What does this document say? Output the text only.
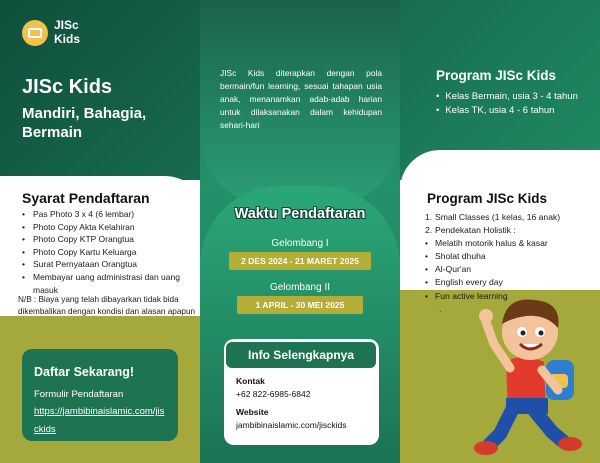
JISc
Kids
JISc Kids
Mandiri, Bahagia, Bermain
JISc Kids diterapkan dengan pola bermain/fun learning, sesuai tahapan usia anak, menanamkan adab-adab harian untuk dilaksanakan dalam kehidupan sehari-hari
Program JISc Kids
• Kelas Bermain, usia 3 - 4 tahun
• Kelas TK, usia 4 - 6 tahun
Syarat Pendaftaran
• Pas Photo 3 x 4 (6 lembar)
• Photo Copy Akta Kelahiran
• Photo Copy KTP Orangtua
• Photo Copy Kartu Keluarga
• Surat Pernyataan Orangtua
• Membayar uang administrasi dan uang masuk
N/B : Biaya yang telah dibayarkan tidak bida dikembalikan dengan kondisi dan alasan apapun
Daftar Sekarang!
Formulir Pendaftaran
https://jambibinaislamic.com/jisckids
Waktu Pendaftaran
Gelombang I
2 DES 2024 - 21 MARET 2025
Gelombang II
1 APRIL - 30 MEI 2025
Info Selengkapnya
Kontak
+62 822-6985-6842
Website
jambibinaislamic.com/jisckids
Program JISc Kids
1. Small Classes (1 kelas, 16 anak)
2. Pendekatan Holistik :
• Melatih motorik halus & kasar
• Sholat dhuha
• Al-Qur'an
• English every day
• Fun active learning
.
